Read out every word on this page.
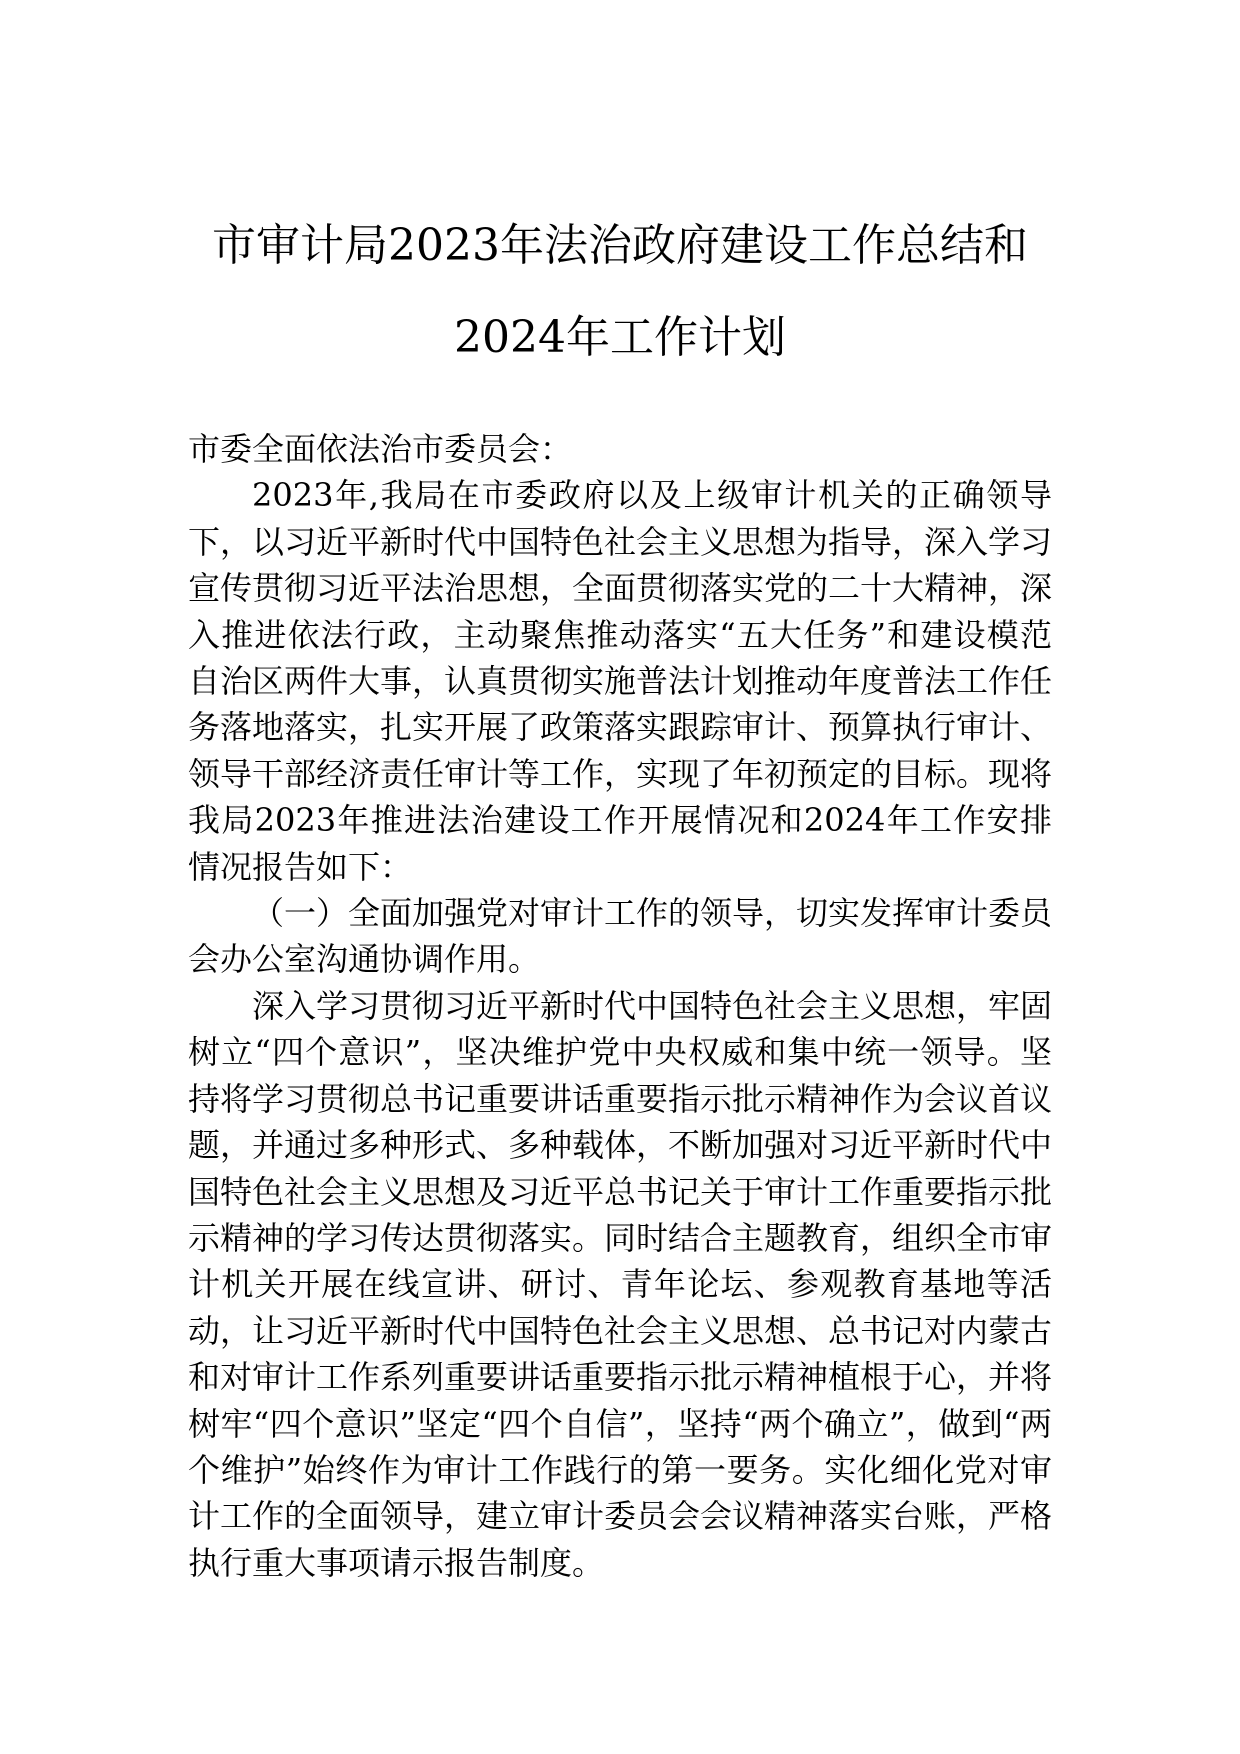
市审计局2023年法治政府建设工作总结和
2024年工作计划

市委全面依法治市委员会：

2023年,我局在市委政府以及上级审计机关的正确领导下，以习近平新时代中国特色社会主义思想为指导，深入学习宣传贯彻习近平法治思想，全面贯彻落实党的二十大精神，深入推进依法行政，主动聚焦推动落实“五大任务”和建设模范自治区两件大事，认真贯彻实施普法计划推动年度普法工作任务落地落实，扎实开展了政策落实跟踪审计、预算执行审计、领导干部经济责任审计等工作，实现了年初预定的目标。现将我局2023年推进法治建设工作开展情况和2024年工作安排情况报告如下：

（一）全面加强党对审计工作的领导，切实发挥审计委员会办公室沟通协调作用。

深入学习贯彻习近平新时代中国特色社会主义思想，牢固树立“四个意识”，坚决维护党中央权威和集中统一领导。坚持将学习贯彻总书记重要讲话重要指示批示精神作为会议首议题，并通过多种形式、多种载体，不断加强对习近平新时代中国特色社会主义思想及习近平总书记关于审计工作重要指示批示精神的学习传达贯彻落实。同时结合主题教育，组织全市审计机关开展在线宣讲、研讨、青年论坛、参观教育基地等活动，让习近平新时代中国特色社会主义思想、总书记对内蒙古和对审计工作系列重要讲话重要指示批示精神植根于心，并将树牢“四个意识”坚定“四个自信”，坚持“两个确立”，做到“两个维护”始终作为审计工作践行的第一要务。实化细化党对审计工作的全面领导，建立审计委员会会议精神落实台账，严格执行重大事项请示报告制度。
